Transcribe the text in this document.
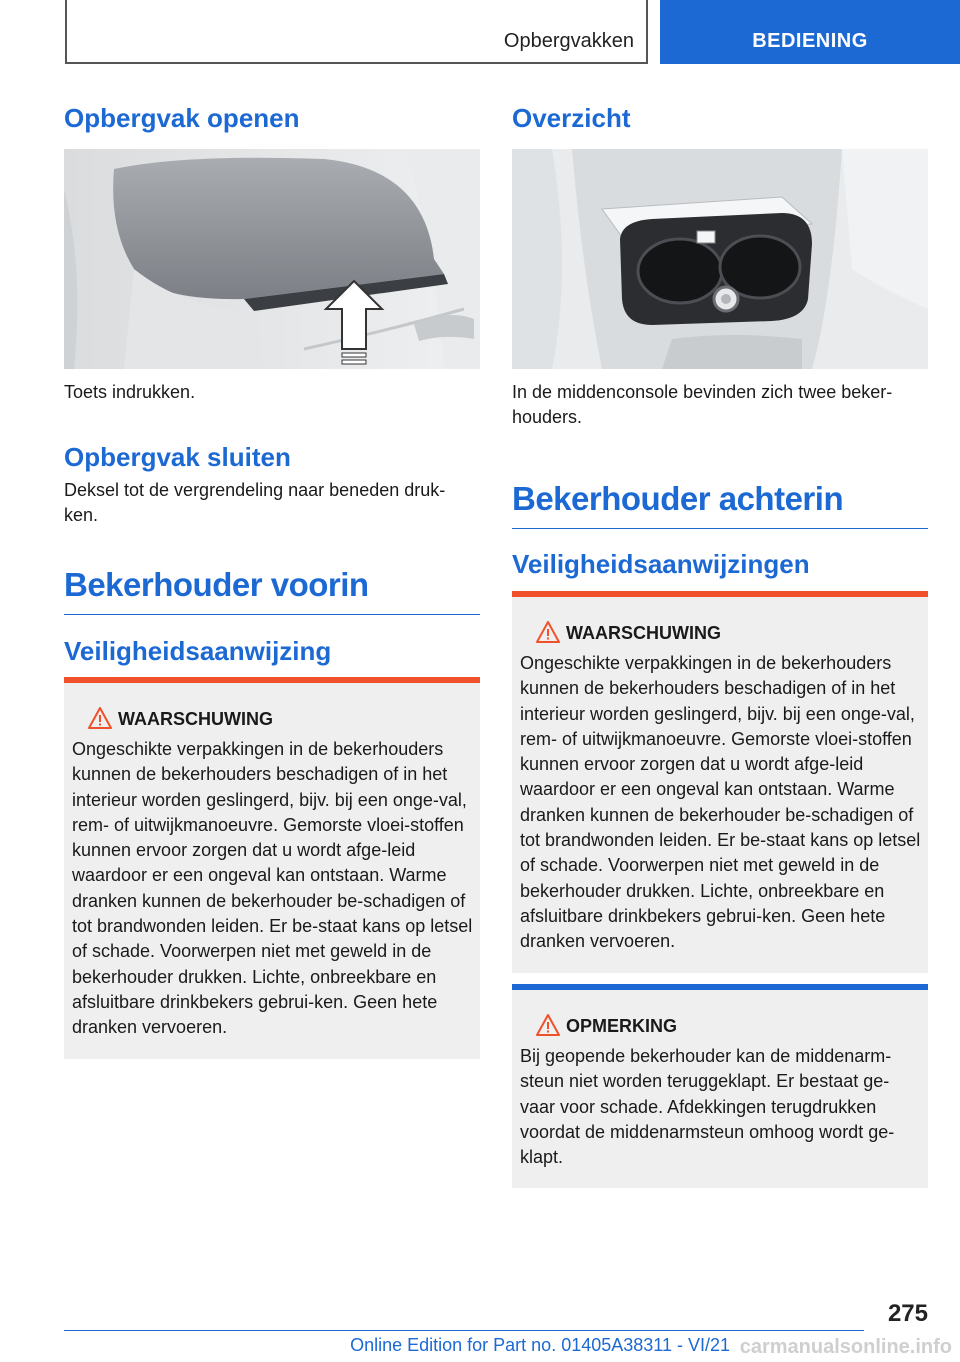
Opbergvakken	BEDIENING
Opbergvak openen

Toets indrukken.

Opbergvak sluiten

Deksel tot de vergrendeling naar beneden druk-ken.

Bekerhouder voorin
Veiligheidsaanwijzing
WAARSCHUWING

Ongeschikte verpakkingen in de bekerhouders kunnen de bekerhouders beschadigen of in het interieur worden geslingerd, bijv. bij een onge-val, rem- of uitwijkmanoeuvre. Gemorste vloei-stoffen kunnen ervoor zorgen dat u wordt afge-leid waardoor er een ongeval kan ontstaan. Warme dranken kunnen de bekerhouder be-schadigen of tot brandwonden leiden. Er be-staat kans op letsel of schade. Voorwerpen niet met geweld in de bekerhouder drukken. Lichte, onbreekbare en afsluitbare drinkbekers gebrui-ken. Geen hete dranken vervoeren.

Overzicht

In de middenconsole bevinden zich twee beker-houders.

Bekerhouder achterin
Veiligheidsaanwijzingen
WAARSCHUWING

Ongeschikte verpakkingen in de bekerhouders kunnen de bekerhouders beschadigen of in het interieur worden geslingerd, bijv. bij een onge-val, rem- of uitwijkmanoeuvre. Gemorste vloei-stoffen kunnen ervoor zorgen dat u wordt afge-leid waardoor er een ongeval kan ontstaan. Warme dranken kunnen de bekerhouder be-schadigen of tot brandwonden leiden. Er be-staat kans op letsel of schade. Voorwerpen niet met geweld in de bekerhouder drukken. Lichte, onbreekbare en afsluitbare drinkbekers gebrui-ken. Geen hete dranken vervoeren.

OPMERKING

Bij geopende bekerhouder kan de middenarm-steun niet worden teruggeklapt. Er bestaat ge-vaar voor schade. Afdekkingen terugdrukken voordat de middenarmsteun omhoog wordt ge-klapt.

275
Online Edition for Part no. 01405A38311 - VI/21 carmanualsonline.info
